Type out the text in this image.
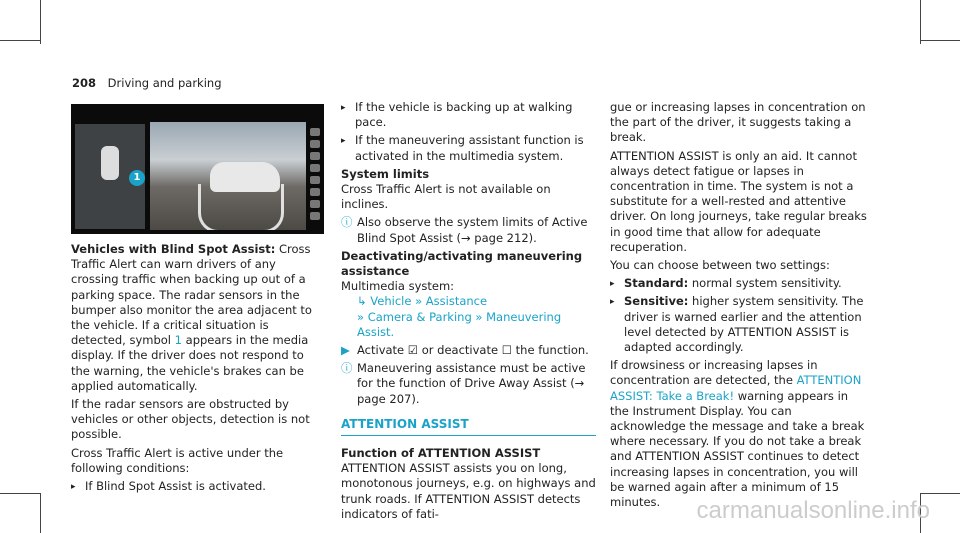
208 Driving and parking
1

Vehicles with Blind Spot Assist: Cross Traffic Alert can warn drivers of any crossing traffic when backing up out of a parking space. The radar sensors in the bumper also monitor the area adjacent to the vehicle. If a critical situation is detected, symbol 1 appears in the media display. If the driver does not respond to the warning, the vehicle's brakes can be applied automatically.

If the radar sensors are obstructed by vehicles or other objects, detection is not possible.

Cross Traffic Alert is active under the following conditions:

▸ If Blind Spot Assist is activated.

▸ If the vehicle is backing up at walking pace.

▸ If the maneuvering assistant function is activated in the multimedia system.

System limits

Cross Traffic Alert is not available on inclines.

ⓘ Also observe the system limits of Active Blind Spot Assist (→ page 212).

Deactivating/activating maneuvering assistance

Multimedia system:

↳ Vehicle » Assistance

» Camera & Parking » Maneuvering Assist.

▶ Activate ☑ or deactivate ☐ the function.

ⓘ Maneuvering assistance must be active for the function of Drive Away Assist (→ page 207).

ATTENTION ASSIST

Function of ATTENTION ASSIST

ATTENTION ASSIST assists you on long, monotonous journeys, e.g. on highways and trunk roads. If ATTENTION ASSIST detects indicators of fati-

gue or increasing lapses in concentration on the part of the driver, it suggests taking a break.

ATTENTION ASSIST is only an aid. It cannot always detect fatigue or lapses in concentration in time. The system is not a substitute for a well-rested and attentive driver. On long journeys, take regular breaks in good time that allow for adequate recuperation.

You can choose between two settings:

▸ Standard: normal system sensitivity.

▸ Sensitive: higher system sensitivity. The driver is warned earlier and the attention level detected by ATTENTION ASSIST is adapted accordingly.

If drowsiness or increasing lapses in concentration are detected, the ATTENTION ASSIST: Take a Break! warning appears in the Instrument Display. You can acknowledge the message and take a break where necessary. If you do not take a break and ATTENTION ASSIST continues to detect increasing lapses in concentration, you will be warned again after a minimum of 15 minutes.	carmanualsonline.info
